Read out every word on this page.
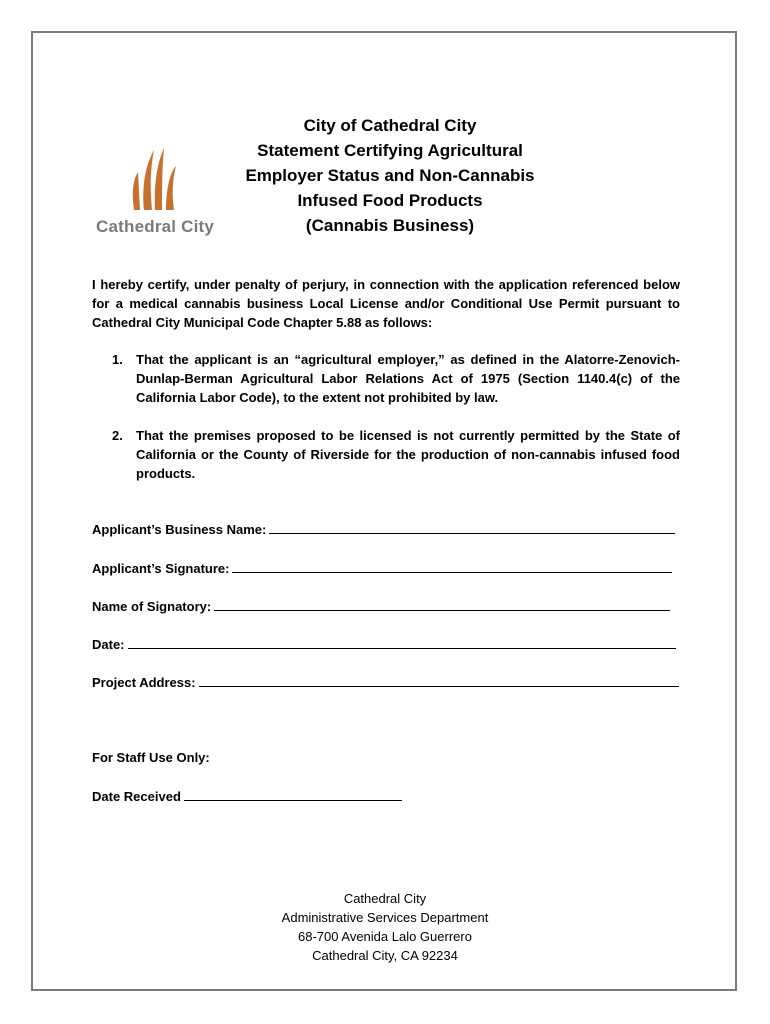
Cathedral City
City of Cathedral City
Statement Certifying Agricultural
Employer Status and Non-Cannabis
Infused Food Products
(Cannabis Business)
I hereby certify, under penalty of perjury, in connection with the application referenced below for a medical cannabis business Local License and/or Conditional Use Permit pursuant to Cathedral City Municipal Code Chapter 5.88 as follows:
1.	That the applicant is an “agricultural employer,” as defined in the Alatorre-Zenovich-Dunlap-Berman Agricultural Labor Relations Act of 1975 (Section 1140.4(c) of the California Labor Code), to the extent not prohibited by law.
2.	That the premises proposed to be licensed is not currently permitted by the State of California or the County of Riverside for the production of non-cannabis infused food products.
Applicant’s Business Name:
Applicant’s Signature:
Name of Signatory:
Date:
Project Address:
For Staff Use Only:
Date Received
Cathedral City
Administrative Services Department
68-700 Avenida Lalo Guerrero
Cathedral City, CA 92234
